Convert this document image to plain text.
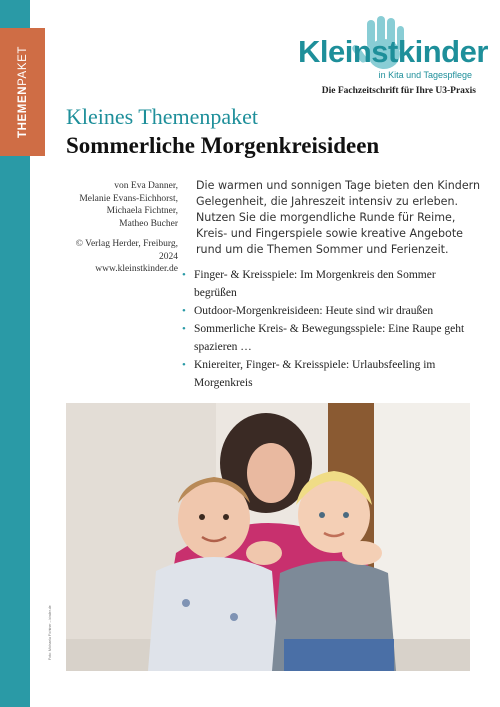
THEMEN
PAKET	Kleinstkinder
in Kita und Tagespflege
Die Fachzeitschrift für Ihre U3-Praxis
Kleines Themenpaket
Sommerliche Morgenkreisideen
von Eva Danner,
Melanie Evans-Eichhorst,
Michaela Fichtner,
Matheo Bucher
© Verlag Herder, Freiburg, 2024
www.kleinstkinder.de

Die warmen und sonnigen Tage bieten den Kindern Gelegenheit, die Jahreszeit intensiv zu erleben. Nutzen Sie die morgendliche Runde für Reime, Kreis- und Fingerspiele sowie kreative Angebote rund um die Themen Sommer und Ferienzeit.

• Finger- & Kreisspiele: Im Morgenkreis den Sommer begrüßen
• Outdoor-Morgenkreisideen: Heute sind wir draußen
• Sommerliche Kreis- & Bewegungsspiele: Eine Raupe geht spazieren …
• Kniereiter, Finger- & Kreisspiele: Urlaubsfeeling im Morgenkreis
Foto: Michaela Fichtner – kinder.de
